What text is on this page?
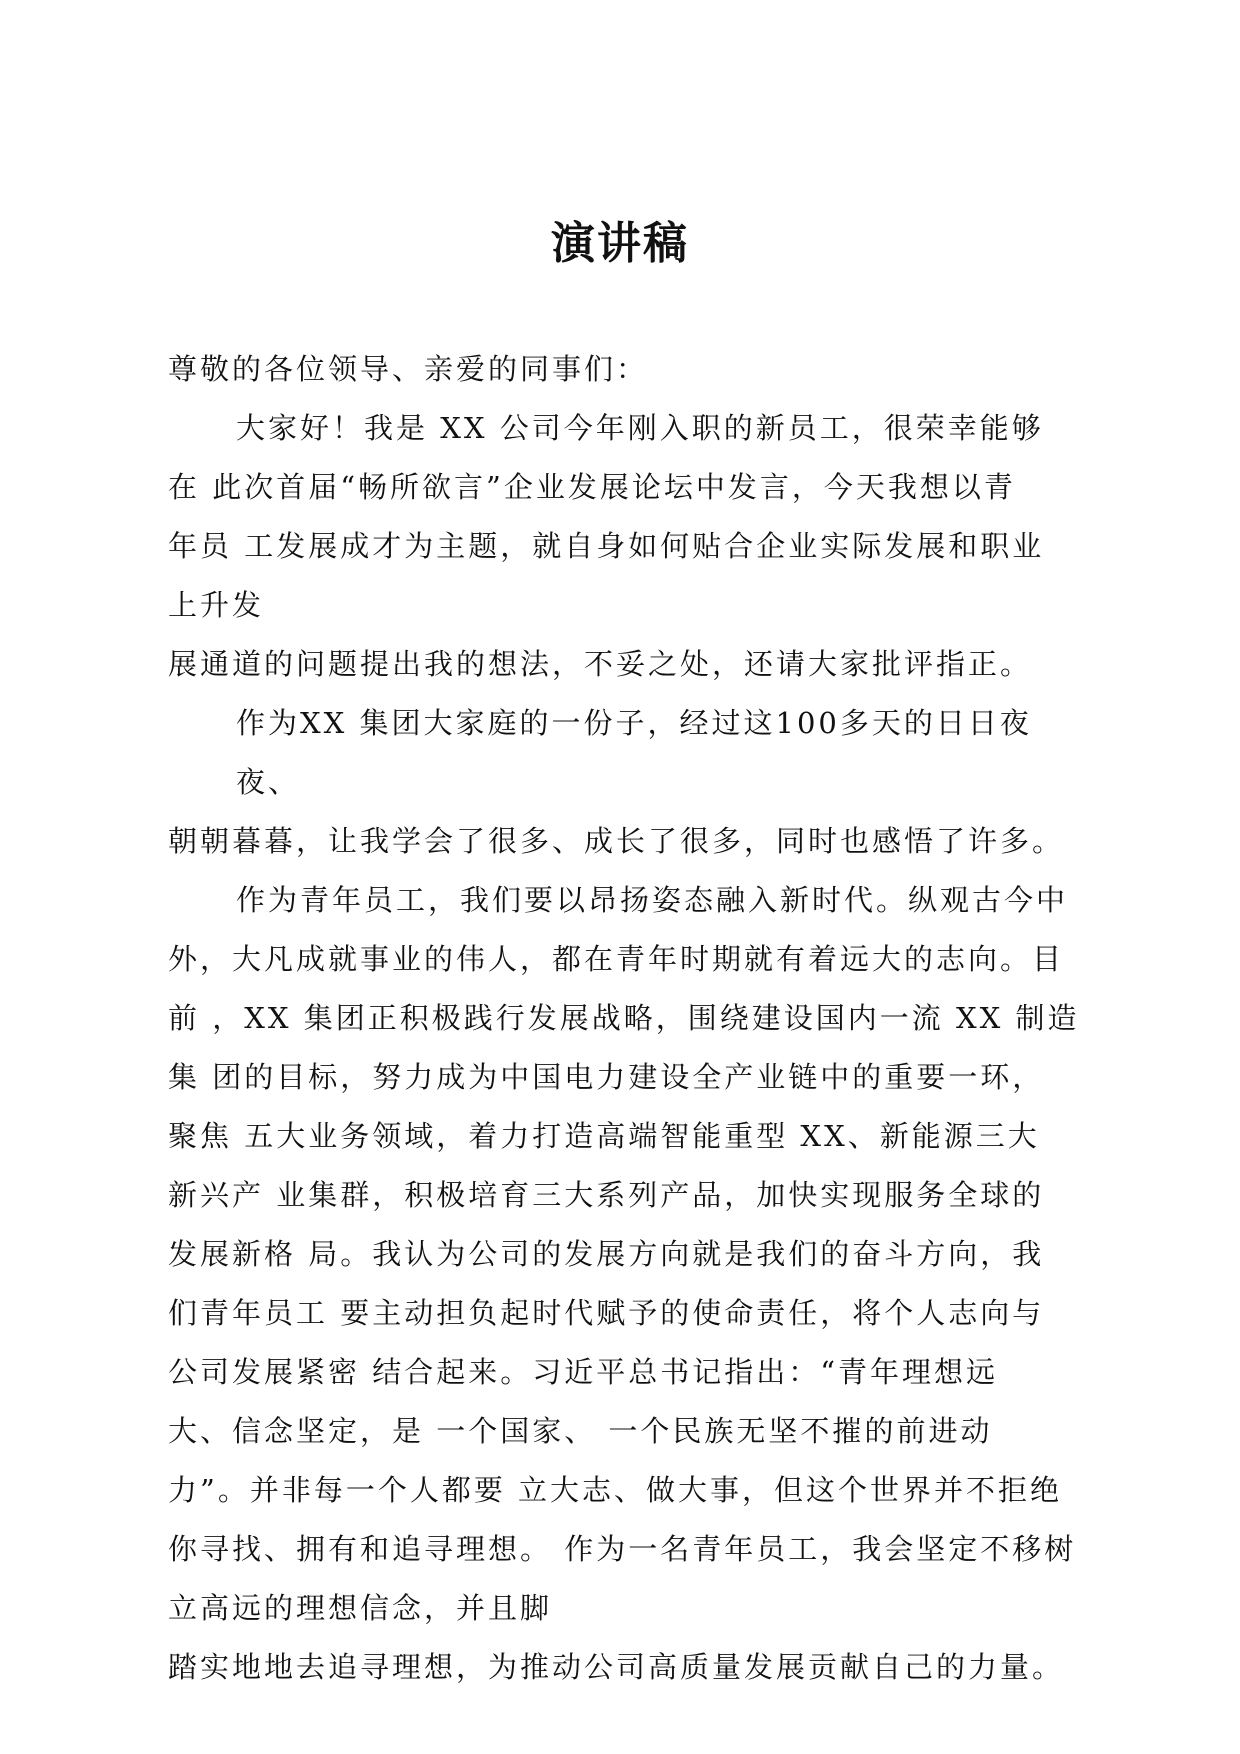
演讲稿
尊敬的各位领导、亲爱的同事们：
大家好！我是 XX 公司今年刚入职的新员工，很荣幸能够
在 此次首届“畅所欲言”企业发展论坛中发言，今天我想以青
年员 工发展成才为主题，就自身如何贴合企业实际发展和职业
上升发
展通道的问题提出我的想法，不妥之处，还请大家批评指正。
作为XX 集团大家庭的一份子，经过这100多天的日日夜
夜、
朝朝暮暮，让我学会了很多、成长了很多，同时也感悟了许多。
作为青年员工，我们要以昂扬姿态融入新时代。纵观古今中
外，大凡成就事业的伟人，都在青年时期就有着远大的志向。目
前 ，XX 集团正积极践行发展战略，围绕建设国内一流 XX 制造
集 团的目标，努力成为中国电力建设全产业链中的重要一环，
聚焦 五大业务领域，着力打造高端智能重型 XX、新能源三大
新兴产 业集群，积极培育三大系列产品，加快实现服务全球的
发展新格 局。我认为公司的发展方向就是我们的奋斗方向，我
们青年员工 要主动担负起时代赋予的使命责任，将个人志向与
公司发展紧密 结合起来。习近平总书记指出：“青年理想远
大、信念坚定，是 一个国家、 一个民族无坚不摧的前进动
力”。并非每一个人都要 立大志、做大事，但这个世界并不拒绝
你寻找、拥有和追寻理想。 作为一名青年员工，我会坚定不移树
立高远的理想信念，并且脚
踏实地地去追寻理想，为推动公司高质量发展贡献自己的力量。
